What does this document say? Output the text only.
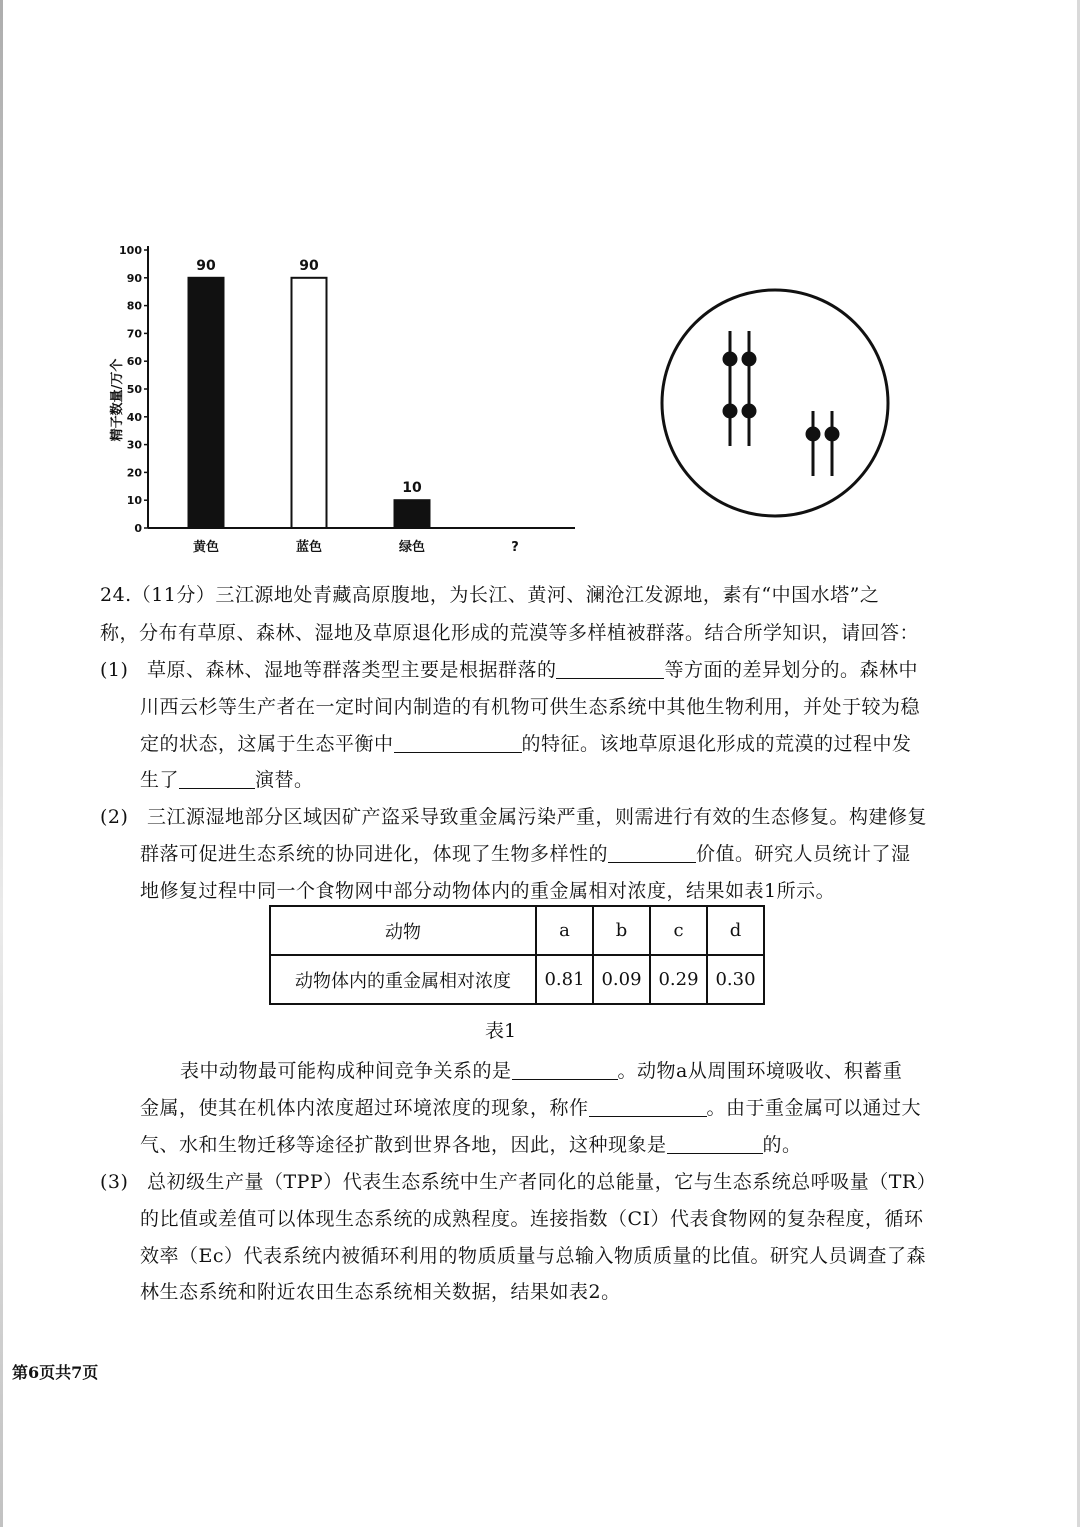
0
10
20
30
40
50
60
70
80
90
100
90
黄色
90
蓝色
10
绿色	?
精子数量/万个
24.（11分）三江源地处青藏高原腹地，为长江、黄河、澜沧江发源地，素有“中国水塔”之
称，分布有草原、森林、湿地及草原退化形成的荒漠等多样植被群落。结合所学知识，请回答：
(1) 草原、森林、湿地等群落类型主要是根据群落的	等方面的差异划分的。森林中
川西云杉等生产者在一定时间内制造的有机物可供生态系统中其他生物利用，并处于较为稳
定的状态，这属于生态平衡中	的特征。该地草原退化形成的荒漠的过程中发
生了	演替。
(2) 三江源湿地部分区域因矿产盗采导致重金属污染严重，则需进行有效的生态修复。构建修复
群落可促进生态系统的协同进化，体现了生物多样性的	价值。研究人员统计了湿
地修复过程中同一个食物网中部分动物体内的重金属相对浓度，结果如表1所示。
动物	a	b	c	d
动物体内的重金属相对浓度	0.81	0.09	0.29	0.30
表1
表中动物最可能构成种间竞争关系的是	。动物a从周围环境吸收、积蓄重
金属，使其在机体内浓度超过环境浓度的现象，称作	。由于重金属可以通过大
气、水和生物迁移等途径扩散到世界各地，因此，这种现象是	的。
(3) 总初级生产量（TPP）代表生态系统中生产者同化的总能量，它与生态系统总呼吸量（TR）
的比值或差值可以体现生态系统的成熟程度。连接指数（CI）代表食物网的复杂程度，循环
效率（Ec）代表系统内被循环利用的物质质量与总输入物质质量的比值。研究人员调查了森
林生态系统和附近农田生态系统相关数据，结果如表2。
第6页共7页
